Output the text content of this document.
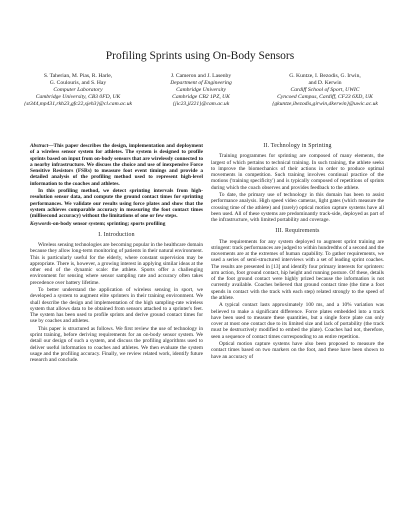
Profiling Sprints using On-Body Sensors
S. Taherian, M. Pias, R. Harle,
G. Coulouris, and S. Hay
Computer Laboratory
Cambridge University, CB3 0FD, UK
{st344,mp431,rkh23,gfc22,sjeh3}@cl.cam.ac.uk
J. Cameron and J. Lasenby
Department of Engineering
Cambridge University
Cambridge CB2 1PZ, UK
{jic23,jl221}@cam.ac.uk
G. Kuntze, I. Bezodis, G. Irwin,
and D. Kerwin
Cardiff School of Sport, UWIC
Cyncoed Campus, Cardiff, CF23 6XD, UK
{gkuntze,ibezodis,girwin,dkerwin}@uwic.ac.uk

Abstract—This paper describes the design, implementation and deployment of a wireless sensor system for athletes. The system is designed to profile sprints based on input from on-body sensors that are wirelessly connected to a nearby infrastructure. We discuss the choice and use of inexpensive Force Sensitive Resistors (FSRs) to measure foot event timings and provide a detailed analysis of the profiling method used to represent high-level information to the coaches and athletes.

In this profiling method, we detect sprinting intervals from high-resolution sensor data, and compute the ground contact times for sprinting performances. We validate our results using force plates and show that the system achieves comparable accuracy in measuring the foot contact times (millisecond accuracy) without the limitations of one or few steps.

Keywords-on-body sensor system; sprinting; sports profiling

I. Introduction

Wireless sensing technologies are becoming popular in the healthcare domain because they allow long-term monitoring of patients in their natural environment. This is particularly useful for the elderly, where constant supervision may be appropriate. There is, however, a growing interest in applying similar ideas at the other end of the dynamic scale: the athlete. Sports offer a challenging environment for sensing where sensor sampling rate and accuracy often takes precedence over battery lifetime.

To better understand the application of wireless sensing in sport, we developed a system to augment elite sprinters in their training environment. We shall describe the design and implementation of the high sampling-rate wireless system that allows data to be obtained from sensors attached to a sprinter's feet. The system has been used to profile sprints and derive ground contact times for use by coaches and athletes.

This paper is structured as follows. We first review the use of technology in sprint training, before deriving requirements for an on-body sensor system. We detail our design of such a system, and discuss the profiling algorithms used to deliver useful information to coaches and athletes. We then evaluate the system usage and the profiling accuracy. Finally, we review related work, identify future research and conclude.

II. Technology in Sprinting

Training programmes for sprinting are composed of many elements, the largest of which pertains to technical training. In such training, the athlete seeks to improve the biomechanics of their actions in order to produce optimal movements in competition. Such training involves continual practice of the motions ('training specificity') and is typically composed of repetitions of sprints during which the coach observes and provides feedback to the athlete.

To date, the primary use of technology in this domain has been to assist performance analysis. High speed video cameras, light gates (which measure the crossing time of the athlete) and (rarely) optical motion capture systems have all been used. All of these systems are predominantly track-side, deployed as part of the infrastructure, with limited portability and coverage.

III. Requirements

The requirements for any system deployed to augment sprint training are stringent: track performances are judged to within hundredths of a second and the movements are at the extremes of human capability. To gather requirements, we used a series of semi-structured interviews with a set of leading sprint coaches. The results are presented in [13] and identify four primary interests for sprinters: arm action, foot ground contact, hip height and running posture. Of these, details of the foot ground contact were highly prized because the information is not currently available. Coaches believed that ground contact time (the time a foot spends in contact with the track with each step) related strongly to the speed of the athlete.

A typical contact lasts approximately 100 ms, and a 10% variation was believed to make a significant difference. Force plates embedded into a track have been used to measure these quantities, but a single force plate can only cover at most one contact due to its limited size and lack of portability (the track must be destructively modified to embed the plate). Coaches had not, therefore, seen a sequence of contact times corresponding to an entire repetition.

Optical motion capture systems have also been proposed to measure the contact times based on two markers on the foot, and these have been shown to have an accuracy of
